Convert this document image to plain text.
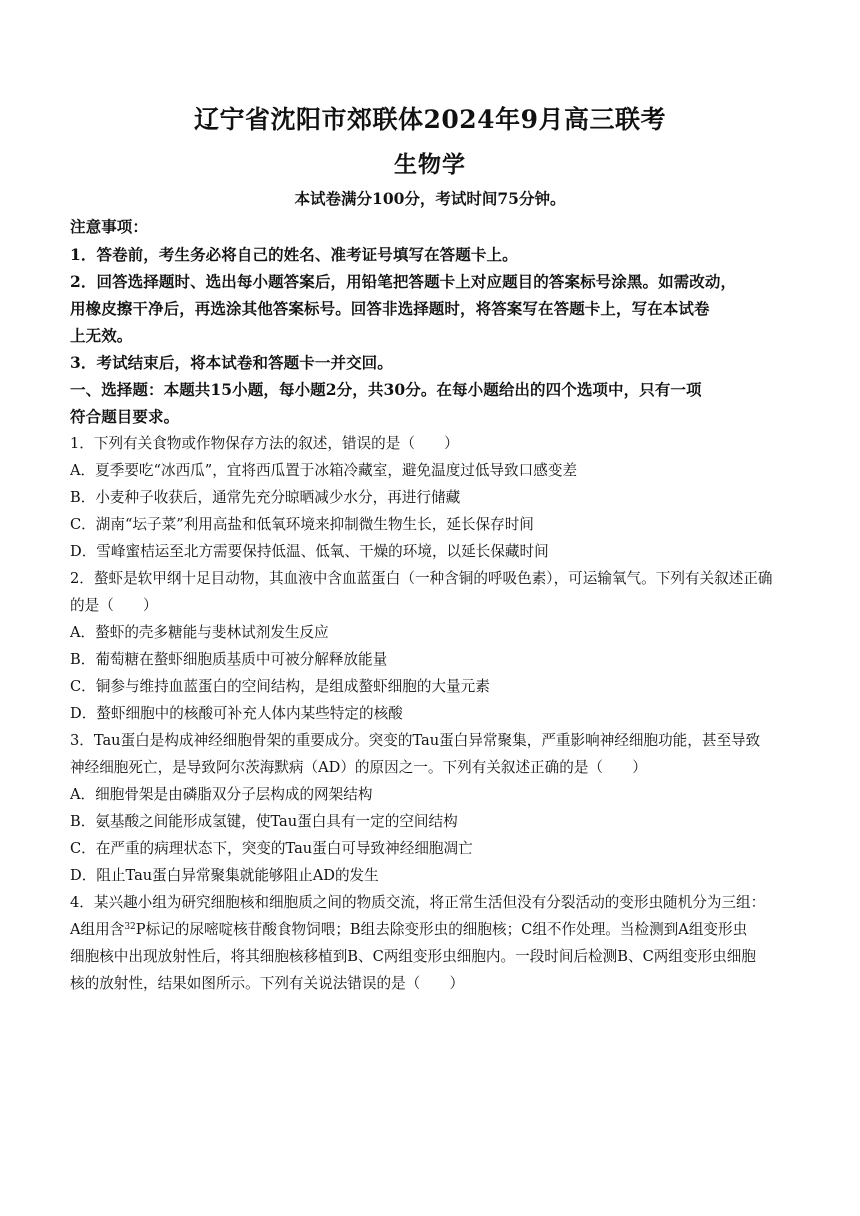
辽宁省沈阳市郊联体2024年9月高三联考
生物学
本试卷满分100分，考试时间75分钟。
注意事项：
1．答卷前，考生务必将自己的姓名、准考证号填写在答题卡上。
2．回答选择题时、选出每小题答案后，用铅笔把答题卡上对应题目的答案标号涂黑。如需改动，
用橡皮擦干净后，再选涂其他答案标号。回答非选择题时，将答案写在答题卡上，写在本试卷
上无效。
3．考试结束后，将本试卷和答题卡一并交回。
一、选择题：本题共15小题，每小题2分，共30分。在每小题给出的四个选项中，只有一项
符合题目要求。
1．下列有关食物或作物保存方法的叙述，错误的是（　　）
A．夏季要吃“冰西瓜”，宜将西瓜置于冰箱冷藏室，避免温度过低导致口感变差
B．小麦种子收获后，通常先充分晾晒减少水分，再进行储藏
C．湖南“坛子菜”利用高盐和低氧环境来抑制微生物生长，延长保存时间
D．雪峰蜜桔运至北方需要保持低温、低氧、干燥的环境，以延长保藏时间
2．螯虾是软甲纲十足目动物，其血液中含血蓝蛋白（一种含铜的呼吸色素），可运输氧气。下列有关叙述正确
的是（　　）
A．螯虾的壳多糖能与斐林试剂发生反应
B．葡萄糖在螯虾细胞质基质中可被分解释放能量
C．铜参与维持血蓝蛋白的空间结构，是组成螯虾细胞的大量元素
D．螯虾细胞中的核酸可补充人体内某些特定的核酸
3．Tau蛋白是构成神经细胞骨架的重要成分。突变的Tau蛋白异常聚集，严重影响神经细胞功能，甚至导致
神经细胞死亡，是导致阿尔茨海默病（AD）的原因之一。下列有关叙述正确的是（　　）
A．细胞骨架是由磷脂双分子层构成的网架结构
B．氨基酸之间能形成氢键，使Tau蛋白具有一定的空间结构
C．在严重的病理状态下，突变的Tau蛋白可导致神经细胞凋亡
D．阻止Tau蛋白异常聚集就能够阻止AD的发生
4．某兴趣小组为研究细胞核和细胞质之间的物质交流，将正常生活但没有分裂活动的变形虫随机分为三组：
A组用含$^{32}$P标记的尿嘧啶核苷酸食物饲喂；B组去除变形虫的细胞核；C组不作处理。当检测到A组变形虫
细胞核中出现放射性后，将其细胞核移植到B、C两组变形虫细胞内。一段时间后检测B、C两组变形虫细胞
核的放射性，结果如图所示。下列有关说法错误的是（　　）
